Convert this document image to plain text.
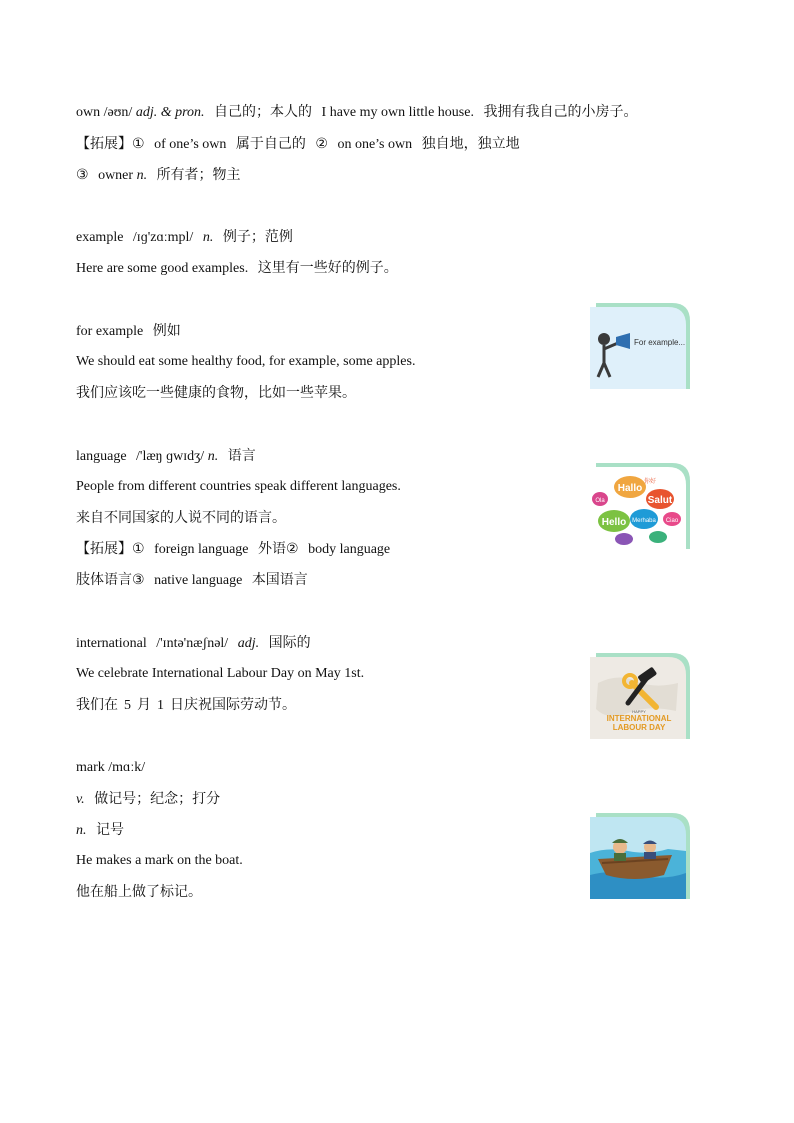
own /əʊn/ adj. & pron. 自己的；本人的 I have my own little house. 我拥有我自己的小房子。
【拓展】① of one’s own 属于自己的 ② on one’s own 独自地，独立地
③ owner n. 所有者；物主
example /ɪɡ'zɑːmpl/ n. 例子；范例
Here are some good examples. 这里有一些好的例子。
for example 例如
We should eat some healthy food, for example, some apples.
我们应该吃一些健康的食物，比如一些苹果。
For example...
language /'læŋ ɡwɪdʒ/ n. 语言
People from different countries speak different languages.
来自不同国家的人说不同的语言。
【拓展】① foreign language 外语② body language
肢体语言③ native language 本国语言
Hallo
Hello
Salut
Ola
你好
Merhaba Ciao
international /'ɪntə'næʃnəl/ adj. 国际的
We celebrate International Labour Day on May 1st.
我们在 5 月 1 日庆祝国际劳动节。	HAPPY
INTERNATIONAL
LABOUR DAY
mark /mɑːk/
v. 做记号；纪念；打分
n. 记号
He makes a mark on the boat.
他在船上做了标记。
